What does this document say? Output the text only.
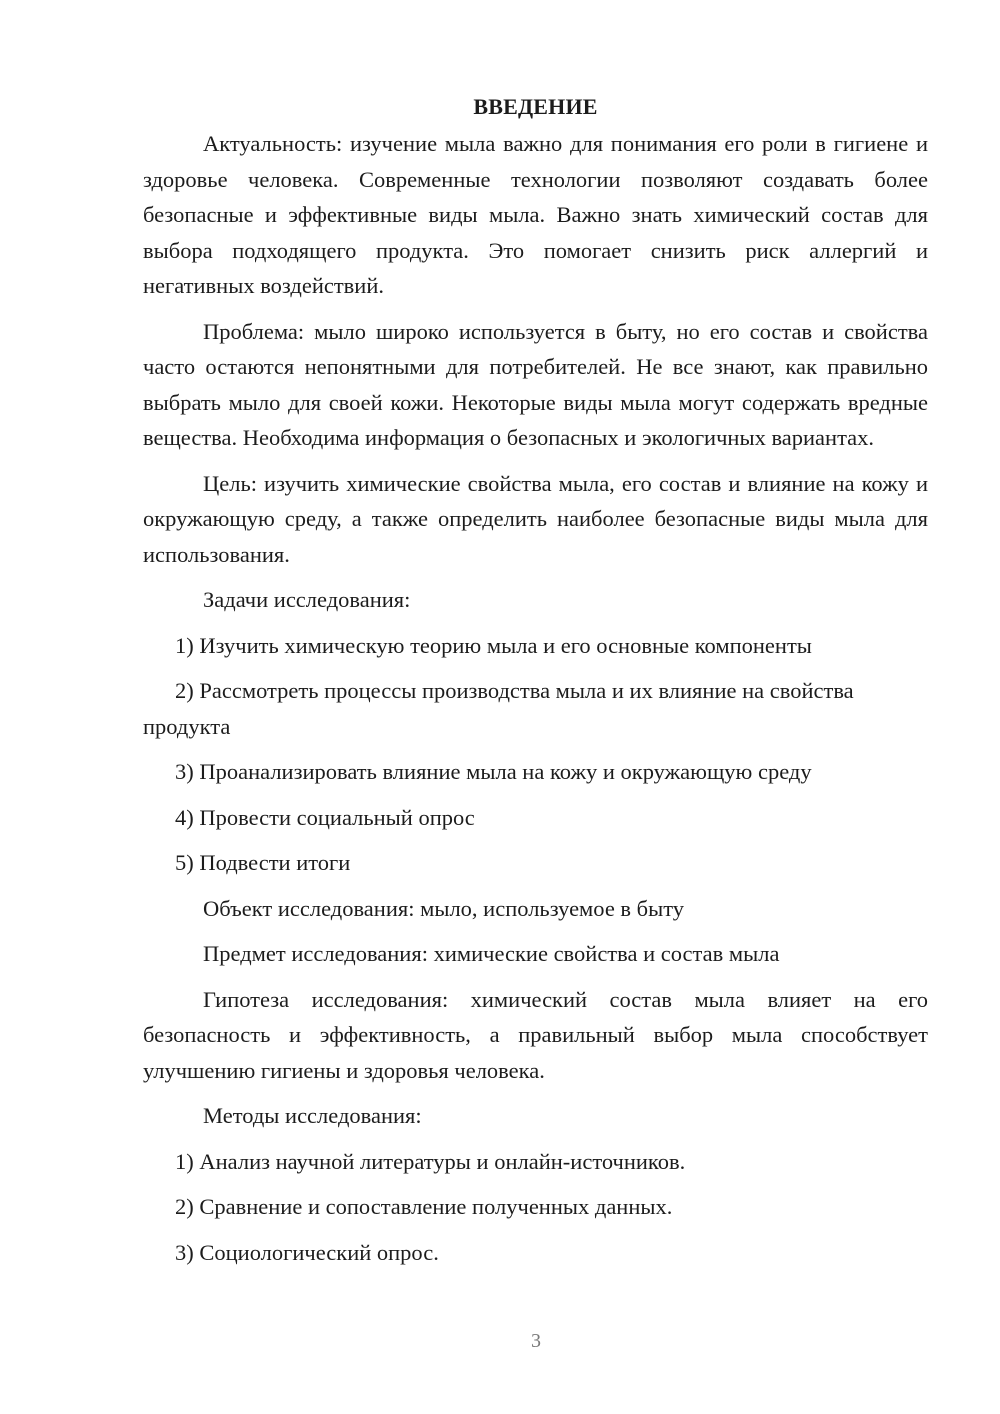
ВВЕДЕНИЕ

Актуальность: изучение мыла важно для понимания его роли в гигиене и здоровье человека. Современные технологии позволяют создавать более безопасные и эффективные виды мыла. Важно знать химический состав для выбора подходящего продукта. Это помогает снизить риск аллергий и негативных воздействий.

Проблема: мыло широко используется в быту, но его состав и свойства часто остаются непонятными для потребителей. Не все знают, как правильно выбрать мыло для своей кожи. Некоторые виды мыла могут содержать вредные вещества. Необходима информация о безопасных и экологичных вариантах.

Цель: изучить химические свойства мыла, его состав и влияние на кожу и окружающую среду, а также определить наиболее безопасные виды мыла для использования.

Задачи исследования:

1) Изучить химическую теорию мыла и его основные компоненты

2) Рассмотреть процессы производства мыла и их влияние на свойства продукта

3) Проанализировать влияние мыла на кожу и окружающую среду

4) Провести социальный опрос

5) Подвести итоги

Объект исследования: мыло, используемое в быту

Предмет исследования: химические свойства и состав мыла

Гипотеза исследования: химический состав мыла влияет на его безопасность и эффективность, а правильный выбор мыла способствует улучшению гигиены и здоровья человека.

Методы исследования:

1) Анализ научной литературы и онлайн-источников.

2) Сравнение и сопоставление полученных данных.

3) Социологический опрос.

3
